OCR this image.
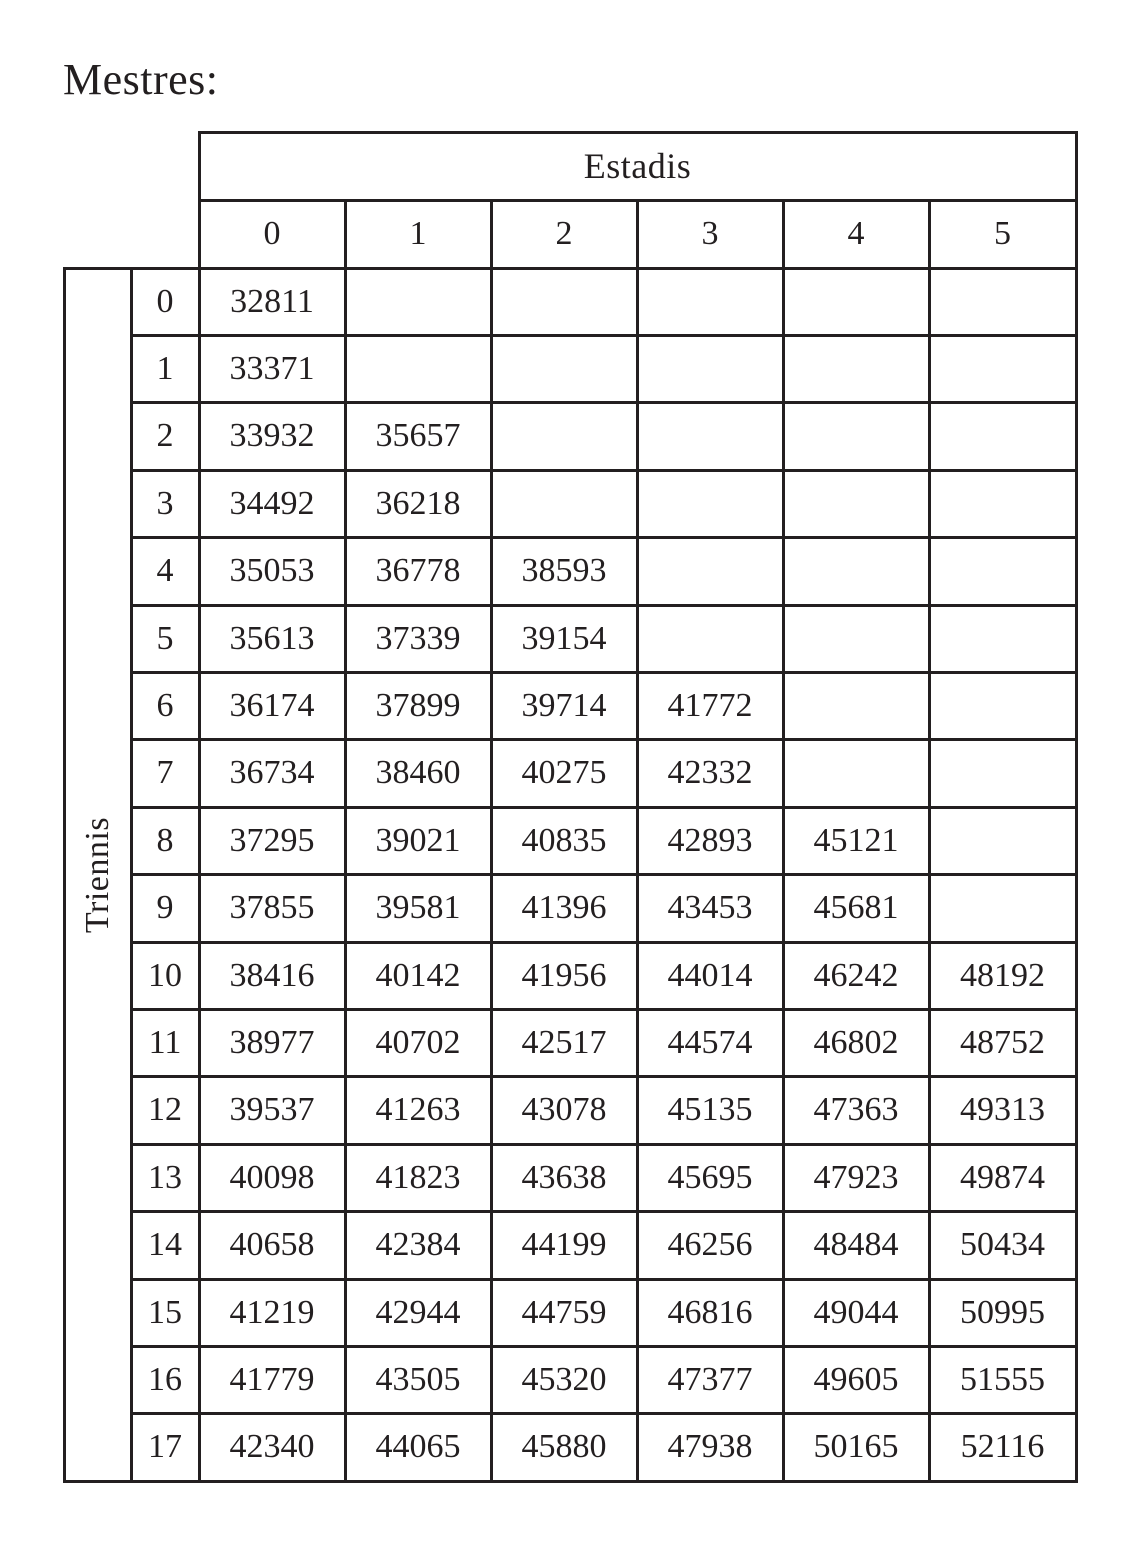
Mestres:
Estadis
Triennis
0	1	2	3	4	5
0	32811
1	33371
2	33932	35657
3	34492	36218
4	35053	36778	38593
5	35613	37339	39154
6	36174	37899	39714	41772
7	36734	38460	40275	42332
8	37295	39021	40835	42893	45121
9	37855	39581	41396	43453	45681
10	38416	40142	41956	44014	46242	48192
11	38977	40702	42517	44574	46802	48752
12	39537	41263	43078	45135	47363	49313
13	40098	41823	43638	45695	47923	49874
14	40658	42384	44199	46256	48484	50434
15	41219	42944	44759	46816	49044	50995
16	41779	43505	45320	47377	49605	51555
17	42340	44065	45880	47938	50165	52116
